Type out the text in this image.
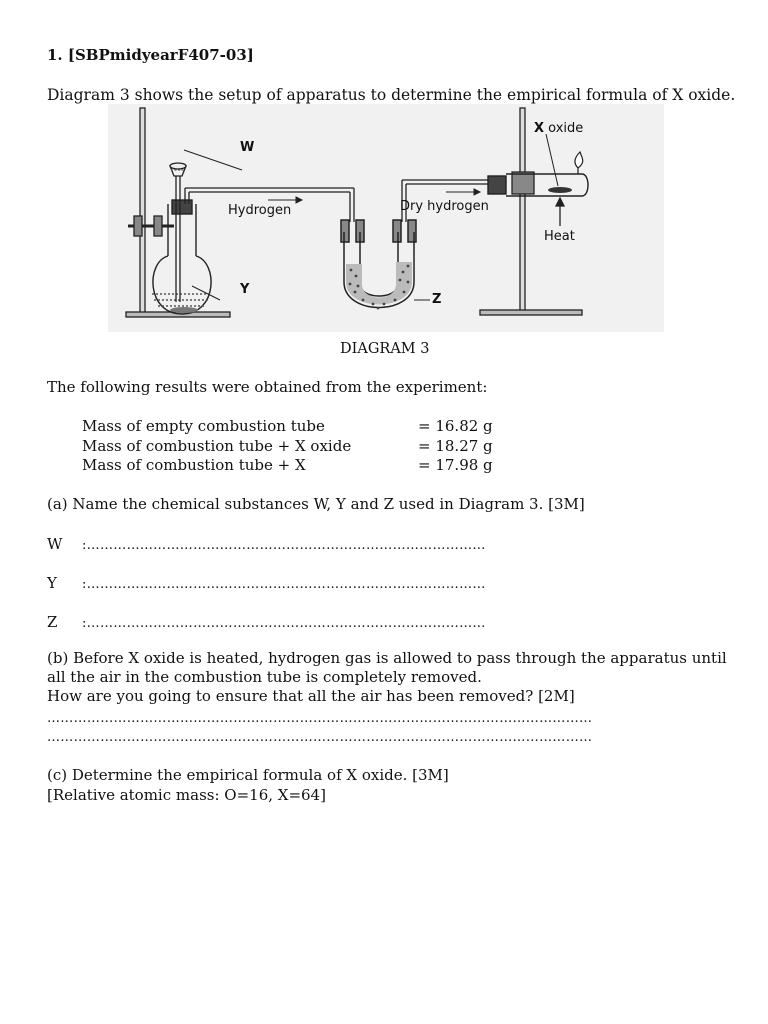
1. [SBPmidyearF407-03]
Diagram 3 shows the setup of apparatus to determine the empirical formula of X oxide.
W
Y
Z
Hydrogen	Dry hydrogen
X oxide
Heat
DIAGRAM 3
The following results were obtained from the experiment:
Mass of empty combustion tube	= 16.82 g
Mass of combustion tube + X oxide	= 18.27 g
Mass of combustion tube + X	= 17.98 g
(a) Name the chemical substances W, Y and Z used in Diagram 3. [3M]
W :………………………………………………………………………………
Y :………………………………………………………………………………
Z :………………………………………………………………………………
(b) Before X oxide is heated, hydrogen gas is allowed to pass through the apparatus until
all the air in the combustion tube is completely removed.
How are you going to ensure that all the air has been removed? [2M]
……………………………………………………………………………………………………………
……………………………………………………………………………………………………………
(c) Determine the empirical formula of X oxide. [3M]
[Relative atomic mass: O=16, X=64]
